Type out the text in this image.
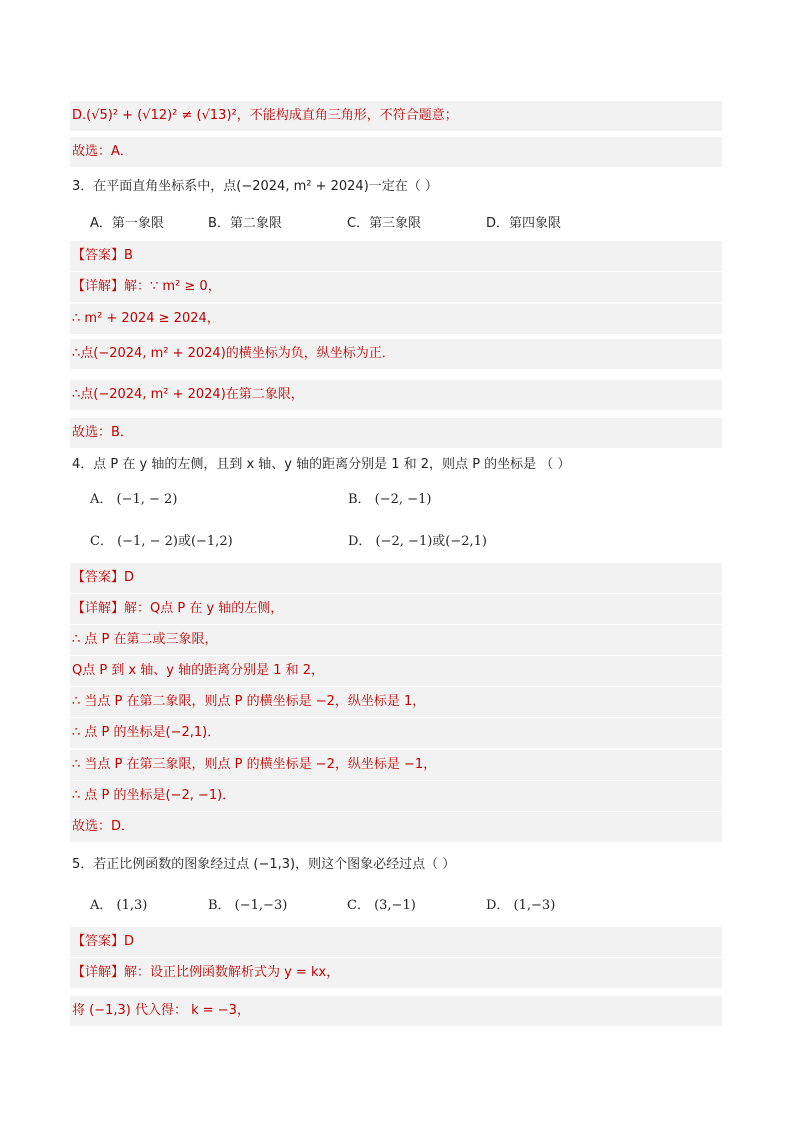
D.(√5)² + (√12)² ≠ (√13)²，不能构成直角三角形，不符合题意；
故选：A．
3．在平面直角坐标系中，点(−2024, m² + 2024)一定在（ ）
A．第一象限	B．第二象限	C．第三象限	D．第四象限
【答案】B
【详解】解：∵ m² ≥ 0，
∴ m² + 2024 ≥ 2024，
∴点(−2024, m² + 2024)的横坐标为负，纵坐标为正．
∴点(−2024, m² + 2024)在第二象限，
故选：B．
4．点 P 在 y 轴的左侧，且到 x 轴、y 轴的距离分别是 1 和 2，则点 P 的坐标是 （ ）
A． (−1, − 2)	B． (−2, −1)
C． (−1, − 2)或(−1,2)	D． (−2, −1)或(−2,1)
【答案】D
【详解】解：Q点 P 在 y 轴的左侧，
∴ 点 P 在第二或三象限，
Q点 P 到 x 轴、y 轴的距离分别是 1 和 2，
∴ 当点 P 在第二象限，则点 P 的横坐标是 −2，纵坐标是 1，
∴ 点 P 的坐标是(−2,1)．
∴ 当点 P 在第三象限，则点 P 的横坐标是 −2，纵坐标是 −1，
∴ 点 P 的坐标是(−2, −1)．
故选：D．
5．若正比例函数的图象经过点 (−1,3)，则这个图象必经过点（ ）
A． (1,3)	B． (−1,−3)	C． (3,−1)	D． (1,−3)
【答案】D
【详解】解：设正比例函数解析式为 y = kx，
将 (−1,3) 代入得： k = −3，
